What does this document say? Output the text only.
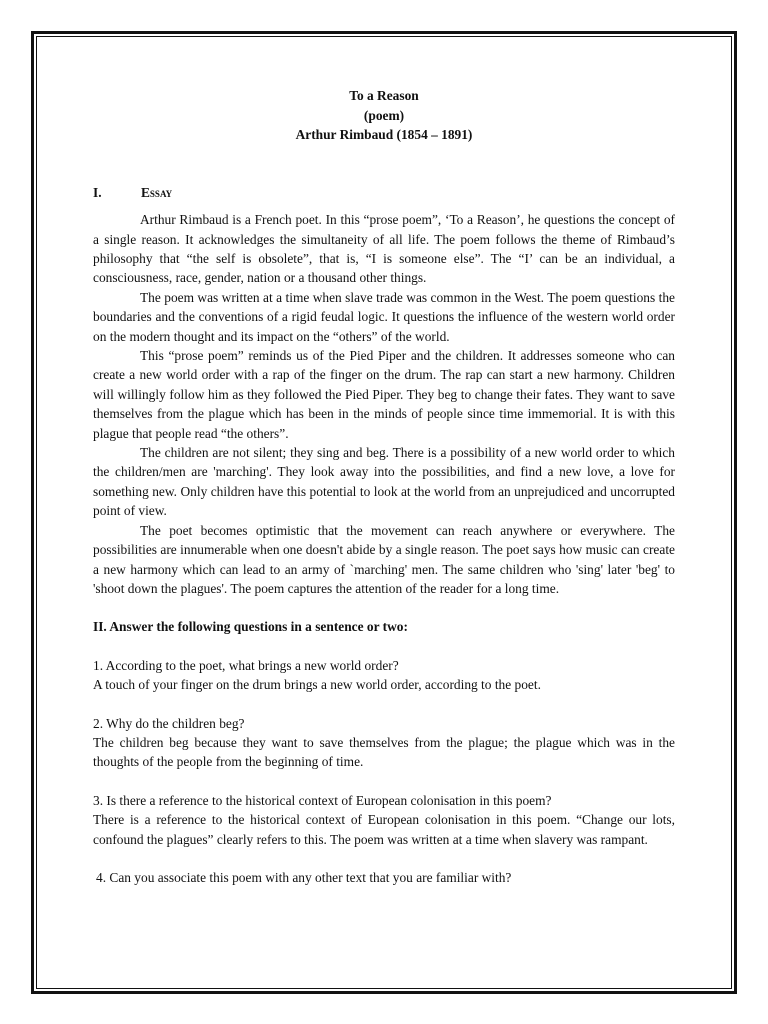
To a Reason
(poem)
Arthur Rimbaud (1854 – 1891)
I.	Essay

Arthur Rimbaud is a French poet. In this “prose poem”, ‘To a Reason’, he questions the concept of a single reason. It acknowledges the simultaneity of all life. The poem follows the theme of Rimbaud’s philosophy that “the self is obsolete”, that is, “I is someone else”. The “I’ can be an individual, a consciousness, race, gender, nation or a thousand other things.

The poem was written at a time when slave trade was common in the West. The poem questions the boundaries and the conventions of a rigid feudal logic. It questions the influence of the western world order on the modern thought and its impact on the “others” of the world.

This “prose poem” reminds us of the Pied Piper and the children. It addresses someone who can create a new world order with a rap of the finger on the drum. The rap can start a new harmony. Children will willingly follow him as they followed the Pied Piper. They beg to change their fates. They want to save themselves from the plague which has been in the minds of people since time immemorial. It is with this plague that people read “the others”.

The children are not silent; they sing and beg. There is a possibility of a new world order to which the children/men are 'marching'. They look away into the possibilities, and find a new love, a love for something new. Only children have this potential to look at the world from an unprejudiced and uncorrupted point of view.

The poet becomes optimistic that the movement can reach anywhere or everywhere. The possibilities are innumerable when one doesn't abide by a single reason. The poet says how music can create a new harmony which can lead to an army of `marching' men. The same children who 'sing' later 'beg' to 'shoot down the plagues'. The poem captures the attention of the reader for a long time.

II. Answer the following questions in a sentence or two:

1. According to the poet, what brings a new world order?

A touch of your finger on the drum brings a new world order, according to the poet.

2. Why do the children beg?

The children beg because they want to save themselves from the plague; the plague which was in the thoughts of the people from the beginning of time.

3. Is there a reference to the historical context of European colonisation in this poem?

There is a reference to the historical context of European colonisation in this poem. “Change our lots, confound the plagues” clearly refers to this. The poem was written at a time when slavery was rampant.

4. Can you associate this poem with any other text that you are familiar with?
